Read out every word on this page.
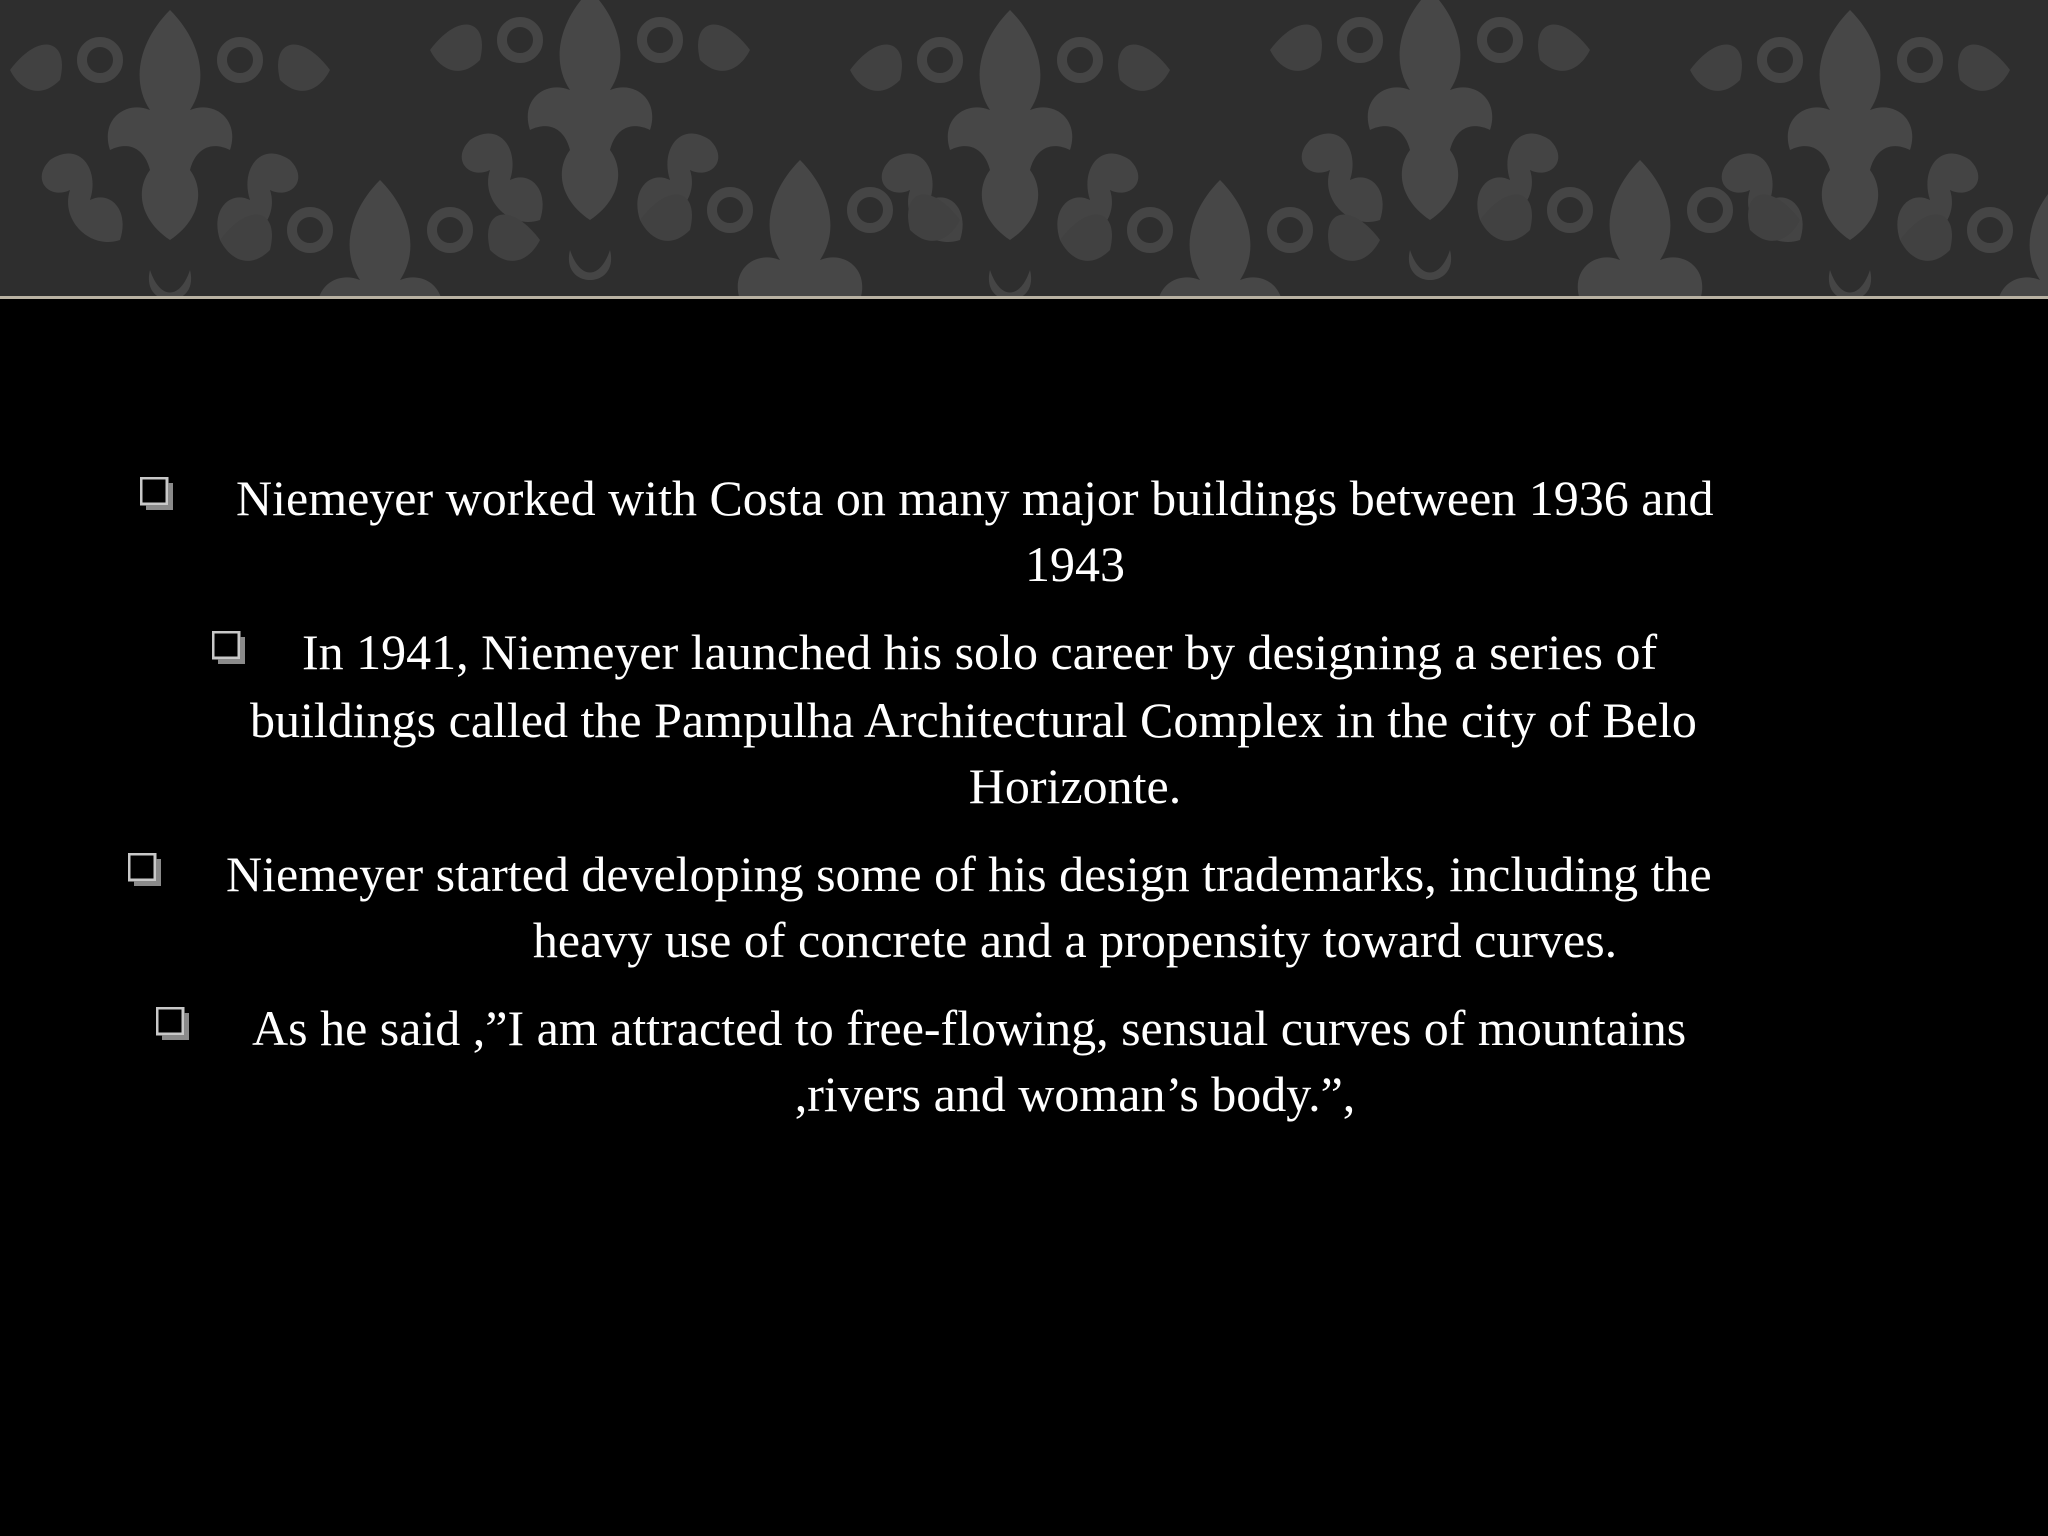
Niemeyer worked with Costa on many major buildings between 1936 and
1943
In 1941, Niemeyer launched his solo career by designing a series of
buildings called the Pampulha Architectural Complex in the city of Belo
Horizonte.
Niemeyer started developing some of his design trademarks, including the
heavy use of concrete and a propensity toward curves.
As he said ,”I am attracted to free-flowing, sensual curves of mountains
,rivers and woman’s body.”,
